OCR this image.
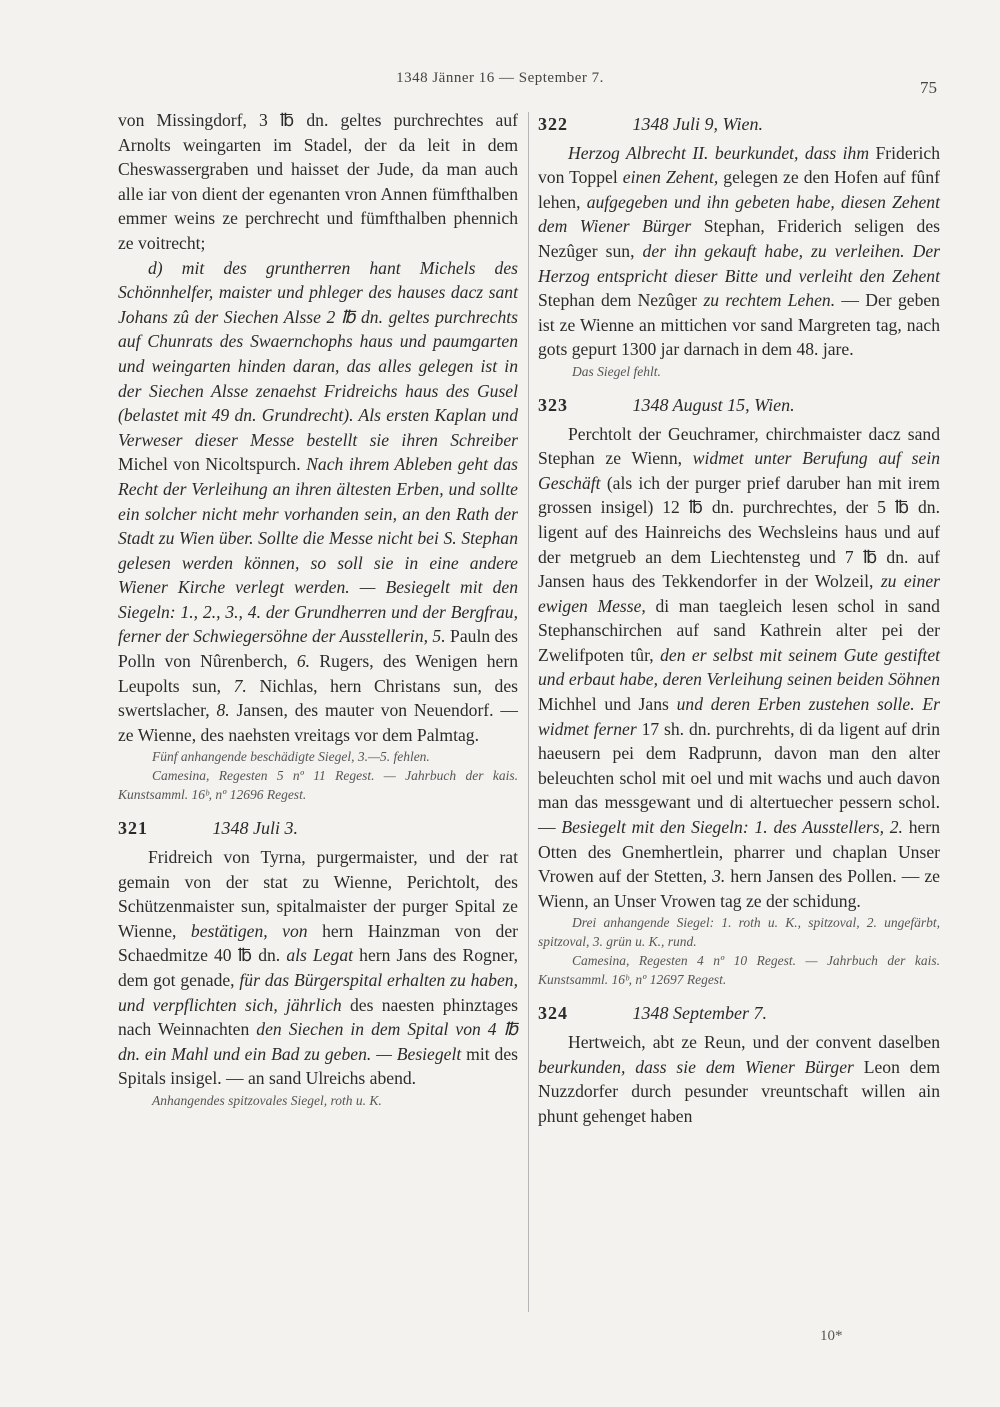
1348 Jänner 16 — September 7.	75

von Missingdorf, 3 ℔ dn. geltes purchrechtes auf Arnolts weingarten im Stadel, der da leit in dem Cheswassergraben und haisset der Jude, da man auch alle iar von dient der egenanten vron Annen fümfthalben emmer weins ze perchrecht und fümfthalben phennich ze voitrecht;

d) mit des gruntherren hant Michels des Schönnhelfer, maister und phleger des hauses dacz sant Johans zû der Siechen Alsse 2 ℔ dn. geltes purchrechts auf Chunrats des Swaernchophs haus und paumgarten und weingarten hinden daran, das alles gelegen ist in der Siechen Alsse zenaehst Fridreichs haus des Gusel (belastet mit 49 dn. Grundrecht). Als ersten Kaplan und Verweser dieser Messe bestellt sie ihren Schreiber Michel von Nicoltspurch. Nach ihrem Ableben geht das Recht der Verleihung an ihren ältesten Erben, und sollte ein solcher nicht mehr vorhanden sein, an den Rath der Stadt zu Wien über. Sollte die Messe nicht bei S. Stephan gelesen werden können, so soll sie in eine andere Wiener Kirche verlegt werden. — Besiegelt mit den Siegeln: 1., 2., 3., 4. der Grundherren und der Bergfrau, ferner der Schwiegersöhne der Ausstellerin, 5. Pauln des Polln von Nûrenberch, 6. Rugers, des Wenigen hern Leupolts sun, 7. Nichlas, hern Christans sun, des swertslacher, 8. Jansen, des mauter von Neuendorf. — ze Wienne, des naehsten vreitags vor dem Palmtag.

Fünf anhangende beschädigte Siegel, 3.—5. fehlen.

Camesina, Regesten 5 nº 11 Regest. — Jahrbuch der kais. Kunstsamml. 16ᵇ, nº 12696 Regest.

321	1348 Juli 3.

Fridreich von Tyrna, purgermaister, und der rat gemain von der stat zu Wienne, Perichtolt, des Schützenmaister sun, spitalmaister der purger Spital ze Wienne, bestätigen, von hern Hainzman von der Schaedmitze 40 ℔ dn. als Legat hern Jans des Rogner, dem got genade, für das Bürgerspital erhalten zu haben, und verpflichten sich, jährlich des naesten phinztages nach Weinnachten den Siechen in dem Spital von 4 ℔ dn. ein Mahl und ein Bad zu geben. — Besiegelt mit des Spitals insigel. — an sand Ulreichs abend.

Anhangendes spitzovales Siegel, roth u. K.

322	1348 Juli 9, Wien.

Herzog Albrecht II. beurkundet, dass ihm Friderich von Toppel einen Zehent, gelegen ze den Hofen auf fûnf lehen, aufgegeben und ihn gebeten habe, diesen Zehent dem Wiener Bürger Stephan, Friderich seligen des Nezûger sun, der ihn gekauft habe, zu verleihen. Der Herzog entspricht dieser Bitte und verleiht den Zehent Stephan dem Nezûger zu rechtem Lehen. — Der geben ist ze Wienne an mittichen vor sand Margreten tag, nach gots gepurt 1300 jar darnach in dem 48. jare.

Das Siegel fehlt.

323	1348 August 15, Wien.

Perchtolt der Geuchramer, chirchmaister dacz sand Stephan ze Wienn, widmet unter Berufung auf sein Geschäft (als ich der purger prief daruber han mit irem grossen insigel) 12 ℔ dn. purchrechtes, der 5 ℔ dn. ligent auf des Hainreichs des Wechsleins haus und auf der metgrueb an dem Liechtensteg und 7 ℔ dn. auf Jansen haus des Tekkendorfer in der Wolzeil, zu einer ewigen Messe, di man taegleich lesen schol in sand Stephanschirchen auf sand Kathrein alter pei der Zwelifpoten tûr, den er selbst mit seinem Gute gestiftet und erbaut habe, deren Verleihung seinen beiden Söhnen Michhel und Jans und deren Erben zustehen solle. Er widmet ferner 17 sh. dn. purchrehts, di da ligent auf drin haeusern pei dem Radprunn, davon man den alter beleuchten schol mit oel und mit wachs und auch davon man das messgewant und di altertuecher pessern schol. — Besiegelt mit den Siegeln: 1. des Ausstellers, 2. hern Otten des Gnemhertlein, pharrer und chaplan Unser Vrowen auf der Stetten, 3. hern Jansen des Pollen. — ze Wienn, an Unser Vrowen tag ze der schidung.

Drei anhangende Siegel: 1. roth u. K., spitzoval, 2. ungefärbt, spitzoval, 3. grün u. K., rund.

Camesina, Regesten 4 nº 10 Regest. — Jahrbuch der kais. Kunstsamml. 16ᵇ, nº 12697 Regest.

324	1348 September 7.

Hertweich, abt ze Reun, und der convent daselben beurkunden, dass sie dem Wiener Bürger Leon dem Nuzzdorfer durch pesunder vreuntschaft willen ain phunt gehenget haben

10*
